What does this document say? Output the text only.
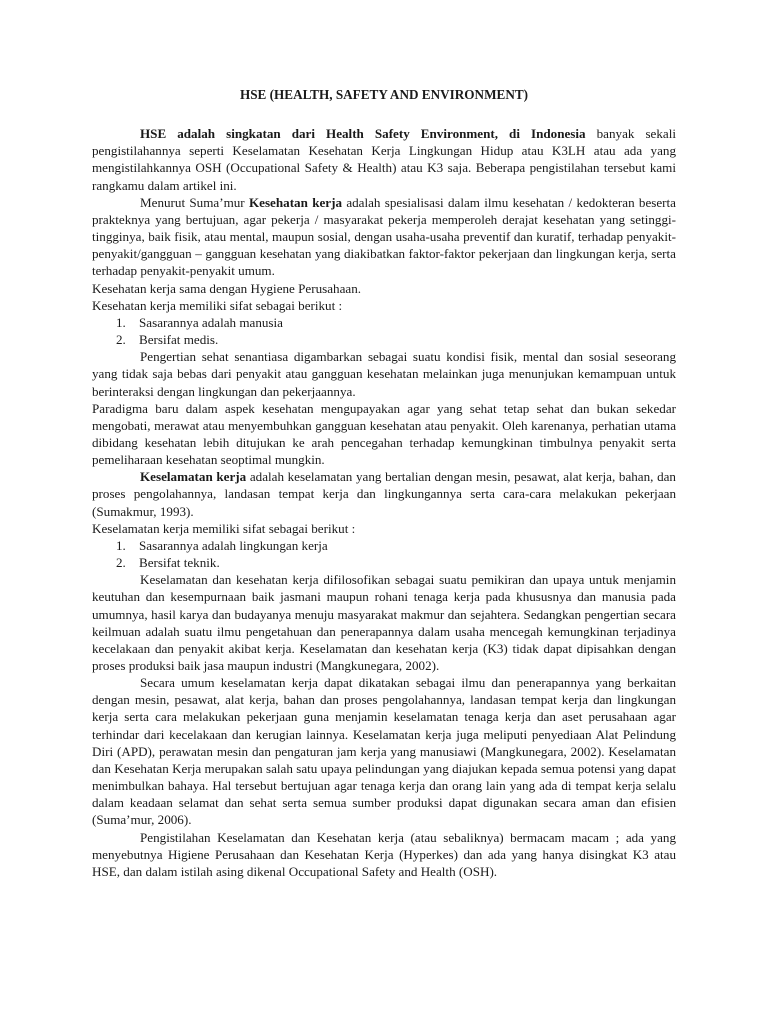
HSE (HEALTH, SAFETY AND ENVIRONMENT)

HSE adalah singkatan dari Health Safety Environment, di Indonesia banyak sekali pengistilahannya seperti Keselamatan Kesehatan Kerja Lingkungan Hidup atau K3LH atau ada yang mengistilahkannya OSH (Occupational Safety & Health) atau K3 saja. Beberapa pengistilahan tersebut kami rangkamu dalam artikel ini.

Menurut Suma’mur Kesehatan kerja adalah spesialisasi dalam ilmu kesehatan / kedokteran beserta prakteknya yang bertujuan, agar pekerja / masyarakat pekerja memperoleh derajat kesehatan yang setinggi-tingginya, baik fisik, atau mental, maupun sosial, dengan usaha-usaha preventif dan kuratif, terhadap penyakit-penyakit/gangguan – gangguan kesehatan yang diakibatkan faktor-faktor pekerjaan dan lingkungan kerja, serta terhadap penyakit-penyakit umum.

Kesehatan kerja sama dengan Hygiene Perusahaan.

Kesehatan kerja memiliki sifat sebagai berikut :

1. Sasarannya adalah manusia
2. Bersifat medis.

Pengertian sehat senantiasa digambarkan sebagai suatu kondisi fisik, mental dan sosial seseorang yang tidak saja bebas dari penyakit atau gangguan kesehatan melainkan juga menunjukan kemampuan untuk berinteraksi dengan lingkungan dan pekerjaannya.

Paradigma baru dalam aspek kesehatan mengupayakan agar yang sehat tetap sehat dan bukan sekedar mengobati, merawat atau menyembuhkan gangguan kesehatan atau penyakit. Oleh karenanya, perhatian utama dibidang kesehatan lebih ditujukan ke arah pencegahan terhadap kemungkinan timbulnya penyakit serta pemeliharaan kesehatan seoptimal mungkin.

Keselamatan kerja adalah keselamatan yang bertalian dengan mesin, pesawat, alat kerja, bahan, dan proses pengolahannya, landasan tempat kerja dan lingkungannya serta cara-cara melakukan pekerjaan (Sumakmur, 1993).

Keselamatan kerja memiliki sifat sebagai berikut :

1. Sasarannya adalah lingkungan kerja
2. Bersifat teknik.

Keselamatan dan kesehatan kerja difilosofikan sebagai suatu pemikiran dan upaya untuk menjamin keutuhan dan kesempurnaan baik jasmani maupun rohani tenaga kerja pada khususnya dan manusia pada umumnya, hasil karya dan budayanya menuju masyarakat makmur dan sejahtera. Sedangkan pengertian secara keilmuan adalah suatu ilmu pengetahuan dan penerapannya dalam usaha mencegah kemungkinan terjadinya kecelakaan dan penyakit akibat kerja. Keselamatan dan kesehatan kerja (K3) tidak dapat dipisahkan dengan proses produksi baik jasa maupun industri (Mangkunegara, 2002).

Secara umum keselamatan kerja dapat dikatakan sebagai ilmu dan penerapannya yang berkaitan dengan mesin, pesawat, alat kerja, bahan dan proses pengolahannya, landasan tempat kerja dan lingkungan kerja serta cara melakukan pekerjaan guna menjamin keselamatan tenaga kerja dan aset perusahaan agar terhindar dari kecelakaan dan kerugian lainnya. Keselamatan kerja juga meliputi penyediaan Alat Pelindung Diri (APD), perawatan mesin dan pengaturan jam kerja yang manusiawi (Mangkunegara, 2002). Keselamatan dan Kesehatan Kerja merupakan salah satu upaya pelindungan yang diajukan kepada semua potensi yang dapat menimbulkan bahaya. Hal tersebut bertujuan agar tenaga kerja dan orang lain yang ada di tempat kerja selalu dalam keadaan selamat dan sehat serta semua sumber produksi dapat digunakan secara aman dan efisien (Suma’mur, 2006).

Pengistilahan Keselamatan dan Kesehatan kerja (atau sebaliknya) bermacam macam ; ada yang menyebutnya Higiene Perusahaan dan Kesehatan Kerja (Hyperkes) dan ada yang hanya disingkat K3 atau HSE, dan dalam istilah asing dikenal Occupational Safety and Health (OSH).
